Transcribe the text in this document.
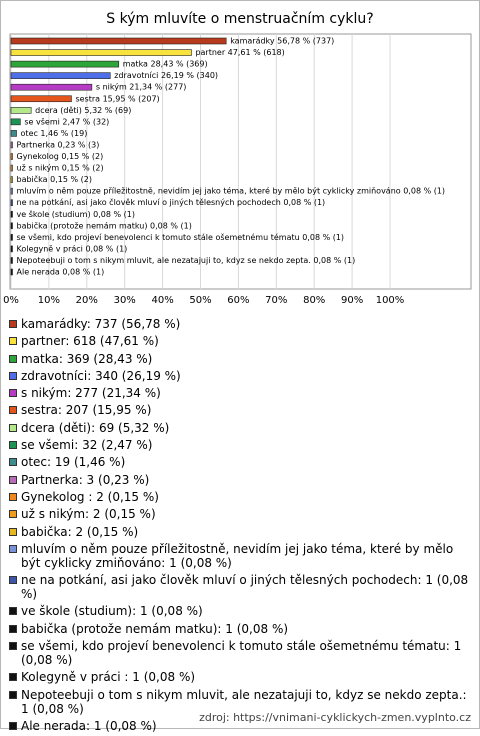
S kým mluvíte o menstruačním cyklu?
kamarádky 56,78 % (737)
partner 47,61 % (618)
matka 28,43 % (369)
zdravotníci 26,19 % (340)
s nikým 21,34 % (277)
sestra 15,95 % (207)
dcera (děti) 5,32 % (69)
se všemi 2,47 % (32)
otec 1,46 % (19)
Partnerka 0,23 % (3)
Gynekolog 0,15 % (2)
už s nikým 0,15 % (2)
babička 0,15 % (2)
mluvím o něm pouze příležitostně, nevidím jej jako téma, které by mělo být cyklicky zmiňováno 0,08 % (1)
ne na potkání, asi jako člověk mluví o jiných tělesných pochodech 0,08 % (1)
ve škole (studium) 0,08 % (1)
babička (protože nemám matku) 0,08 % (1)
se všemi, kdo projeví benevolenci k tomuto stále ošemetnému tématu 0,08 % (1)
Kolegyně v práci 0,08 % (1)
Nepoteebuji o tom s nikym mluvit, ale nezatajuji to, kdyz se nekdo zepta. 0,08 % (1)
Ale nerada 0,08 % (1)
0% 10% 20% 30% 40% 50% 60% 70% 80% 90% 100%
kamarádky: 737 (56,78 %)
partner: 618 (47,61 %)
matka: 369 (28,43 %)
zdravotníci: 340 (26,19 %)
s nikým: 277 (21,34 %)
sestra: 207 (15,95 %)
dcera (děti): 69 (5,32 %)
se všemi: 32 (2,47 %)
otec: 19 (1,46 %)
Partnerka: 3 (0,23 %)
Gynekolog : 2 (0,15 %)
už s nikým: 2 (0,15 %)
babička: 2 (0,15 %)
mluvím o něm pouze příležitostně, nevidím jej jako téma, které by mělo být cyklicky zmiňováno: 1 (0,08 %)
ne na potkání, asi jako člověk mluví o jiných tělesných pochodech: 1 (0,08 %)
ve škole (studium): 1 (0,08 %)
babička (protože nemám matku): 1 (0,08 %)
se všemi, kdo projeví benevolenci k tomuto stále ošemetnému tématu: 1 (0,08 %)
Kolegyně v práci : 1 (0,08 %)
Nepoteebuji o tom s nikym mluvit, ale nezatajuji to, kdyz se nekdo zepta.: 1 (0,08 %)
Ale nerada: 1 (0,08 %)
zdroj: https://vnimani-cyklickych-zmen.vyplnto.cz
